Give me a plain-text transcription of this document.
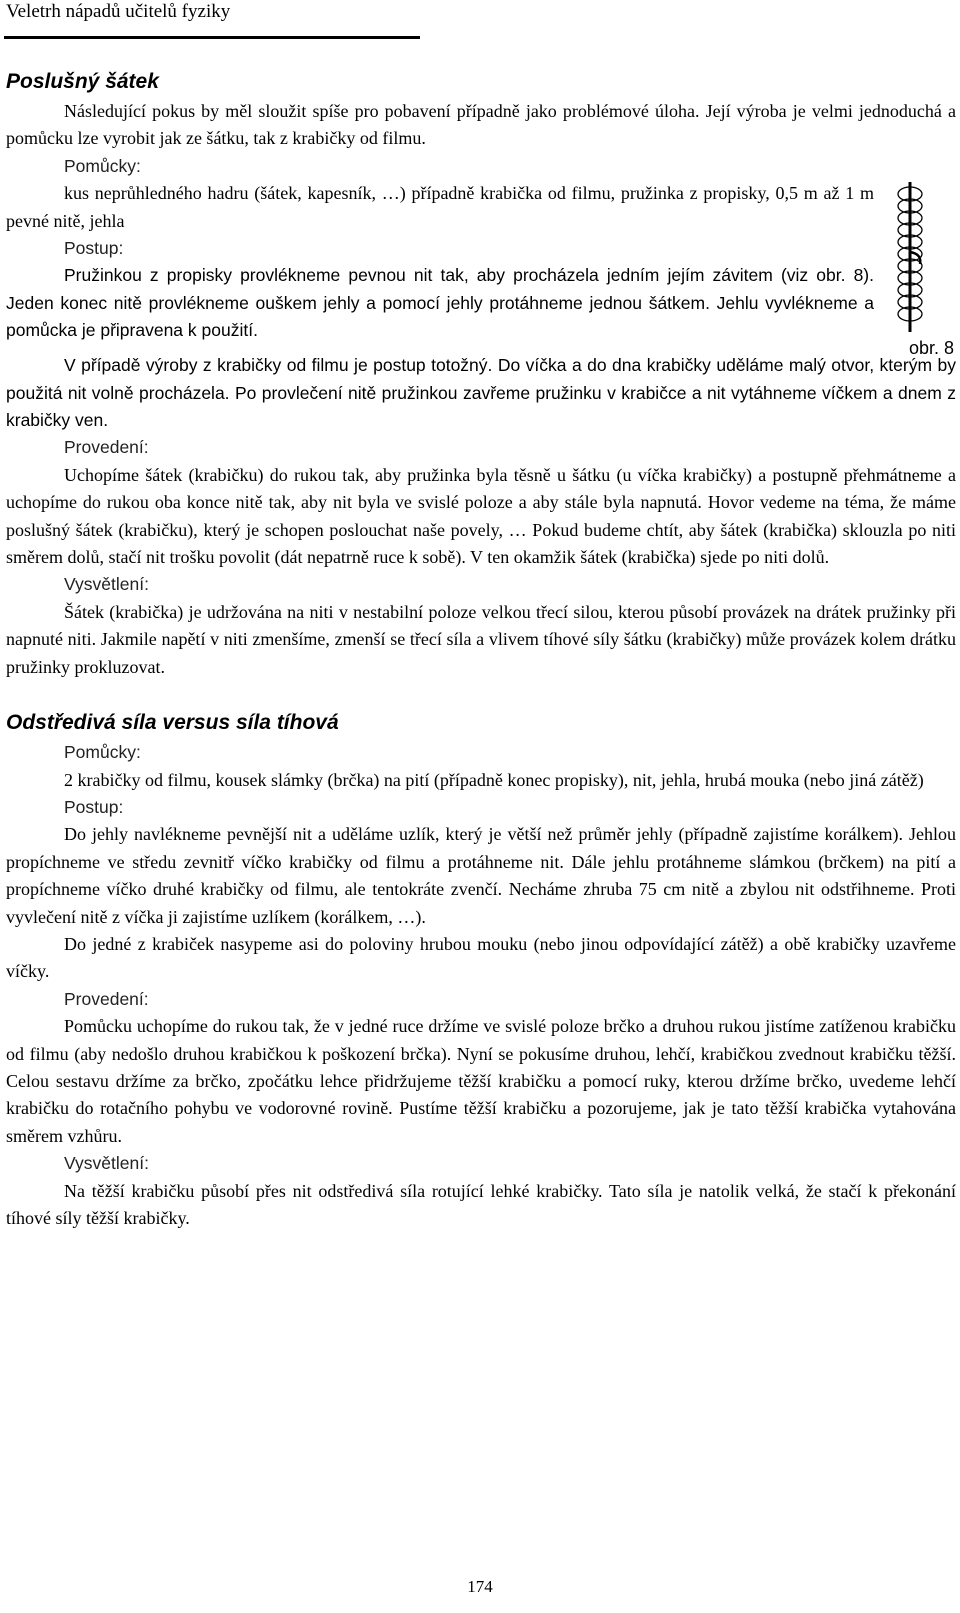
Veletrh nápadů učitelů fyziky
Poslušný šátek

Následující pokus by měl sloužit spíše pro pobavení případně jako problémové úloha. Její výroba je velmi jednoduchá a pomůcku lze vyrobit jak ze šátku, tak z krabičky od filmu.

Pomůcky:

obr. 8

kus neprůhledného hadru (šátek, kapesník, …) případně krabička od filmu, pružinka z propisky, 0,5 m až 1 m pevné nitě, jehla

Postup:

Pružinkou z propisky provlékneme pevnou nit tak, aby procházela jedním jejím závitem (viz obr. 8). Jeden konec nitě provlékneme ouškem jehly a pomocí jehly protáhneme jednou šátkem. Jehlu vyvlékneme a pomůcka je připravena k použití.

V případě výroby z krabičky od filmu je postup totožný. Do víčka a do dna krabičky uděláme malý otvor, kterým by použitá nit volně procházela. Po provlečení nitě pružinkou zavřeme pružinku v krabičce a nit vytáhneme víčkem a dnem z krabičky ven.

Provedení:

Uchopíme šátek (krabičku) do rukou tak, aby pružinka byla těsně u šátku (u víčka krabičky) a postupně přehmátneme a uchopíme do rukou oba konce nitě tak, aby nit byla ve svislé poloze a aby stále byla napnutá. Hovor vedeme na téma, že máme poslušný šátek (krabičku), který je schopen poslouchat naše povely, … Pokud budeme chtít, aby šátek (krabička) sklouzla po niti směrem dolů, stačí nit trošku povolit (dát nepatrně ruce k sobě). V ten okamžik šátek (krabička) sjede po niti dolů.

Vysvětlení:

Šátek (krabička) je udržována na niti v nestabilní poloze velkou třecí silou, kterou působí provázek na drátek pružinky při napnuté niti. Jakmile napětí v niti zmenšíme, zmenší se třecí síla a vlivem tíhové síly šátku (krabičky) může provázek kolem drátku pružinky prokluzovat.

Odstředivá síla versus síla tíhová

Pomůcky:

2 krabičky od filmu, kousek slámky (brčka) na pití (případně konec propisky), nit, jehla, hrubá mouka (nebo jiná zátěž)

Postup:

Do jehly navlékneme pevnější nit a uděláme uzlík, který je větší než průměr jehly (případně zajistíme korálkem). Jehlou propíchneme ve středu zevnitř víčko krabičky od filmu a protáhneme nit. Dále jehlu protáhneme slámkou (brčkem) na pití a propíchneme víčko druhé krabičky od filmu, ale tentokráte zvenčí. Necháme zhruba 75 cm nitě a zbylou nit odstřihneme. Proti vyvlečení nitě z víčka ji zajistíme uzlíkem (korálkem, …).

Do jedné z krabiček nasypeme asi do poloviny hrubou mouku (nebo jinou odpovídající zátěž) a obě krabičky uzavřeme víčky.

Provedení:

Pomůcku uchopíme do rukou tak, že v jedné ruce držíme ve svislé poloze brčko a druhou rukou jistíme zatíženou krabičku od filmu (aby nedošlo druhou krabičkou k poškození brčka). Nyní se pokusíme druhou, lehčí, krabičkou zvednout krabičku těžší. Celou sestavu držíme za brčko, zpočátku lehce přidržujeme těžší krabičku a pomocí ruky, kterou držíme brčko, uvedeme lehčí krabičku do rotačního pohybu ve vodorovné rovině. Pustíme těžší krabičku a pozorujeme, jak je tato těžší krabička vytahována směrem vzhůru.

Vysvětlení:

Na těžší krabičku působí přes nit odstředivá síla rotující lehké krabičky. Tato síla je natolik velká, že stačí k překonání tíhové síly těžší krabičky.

174
